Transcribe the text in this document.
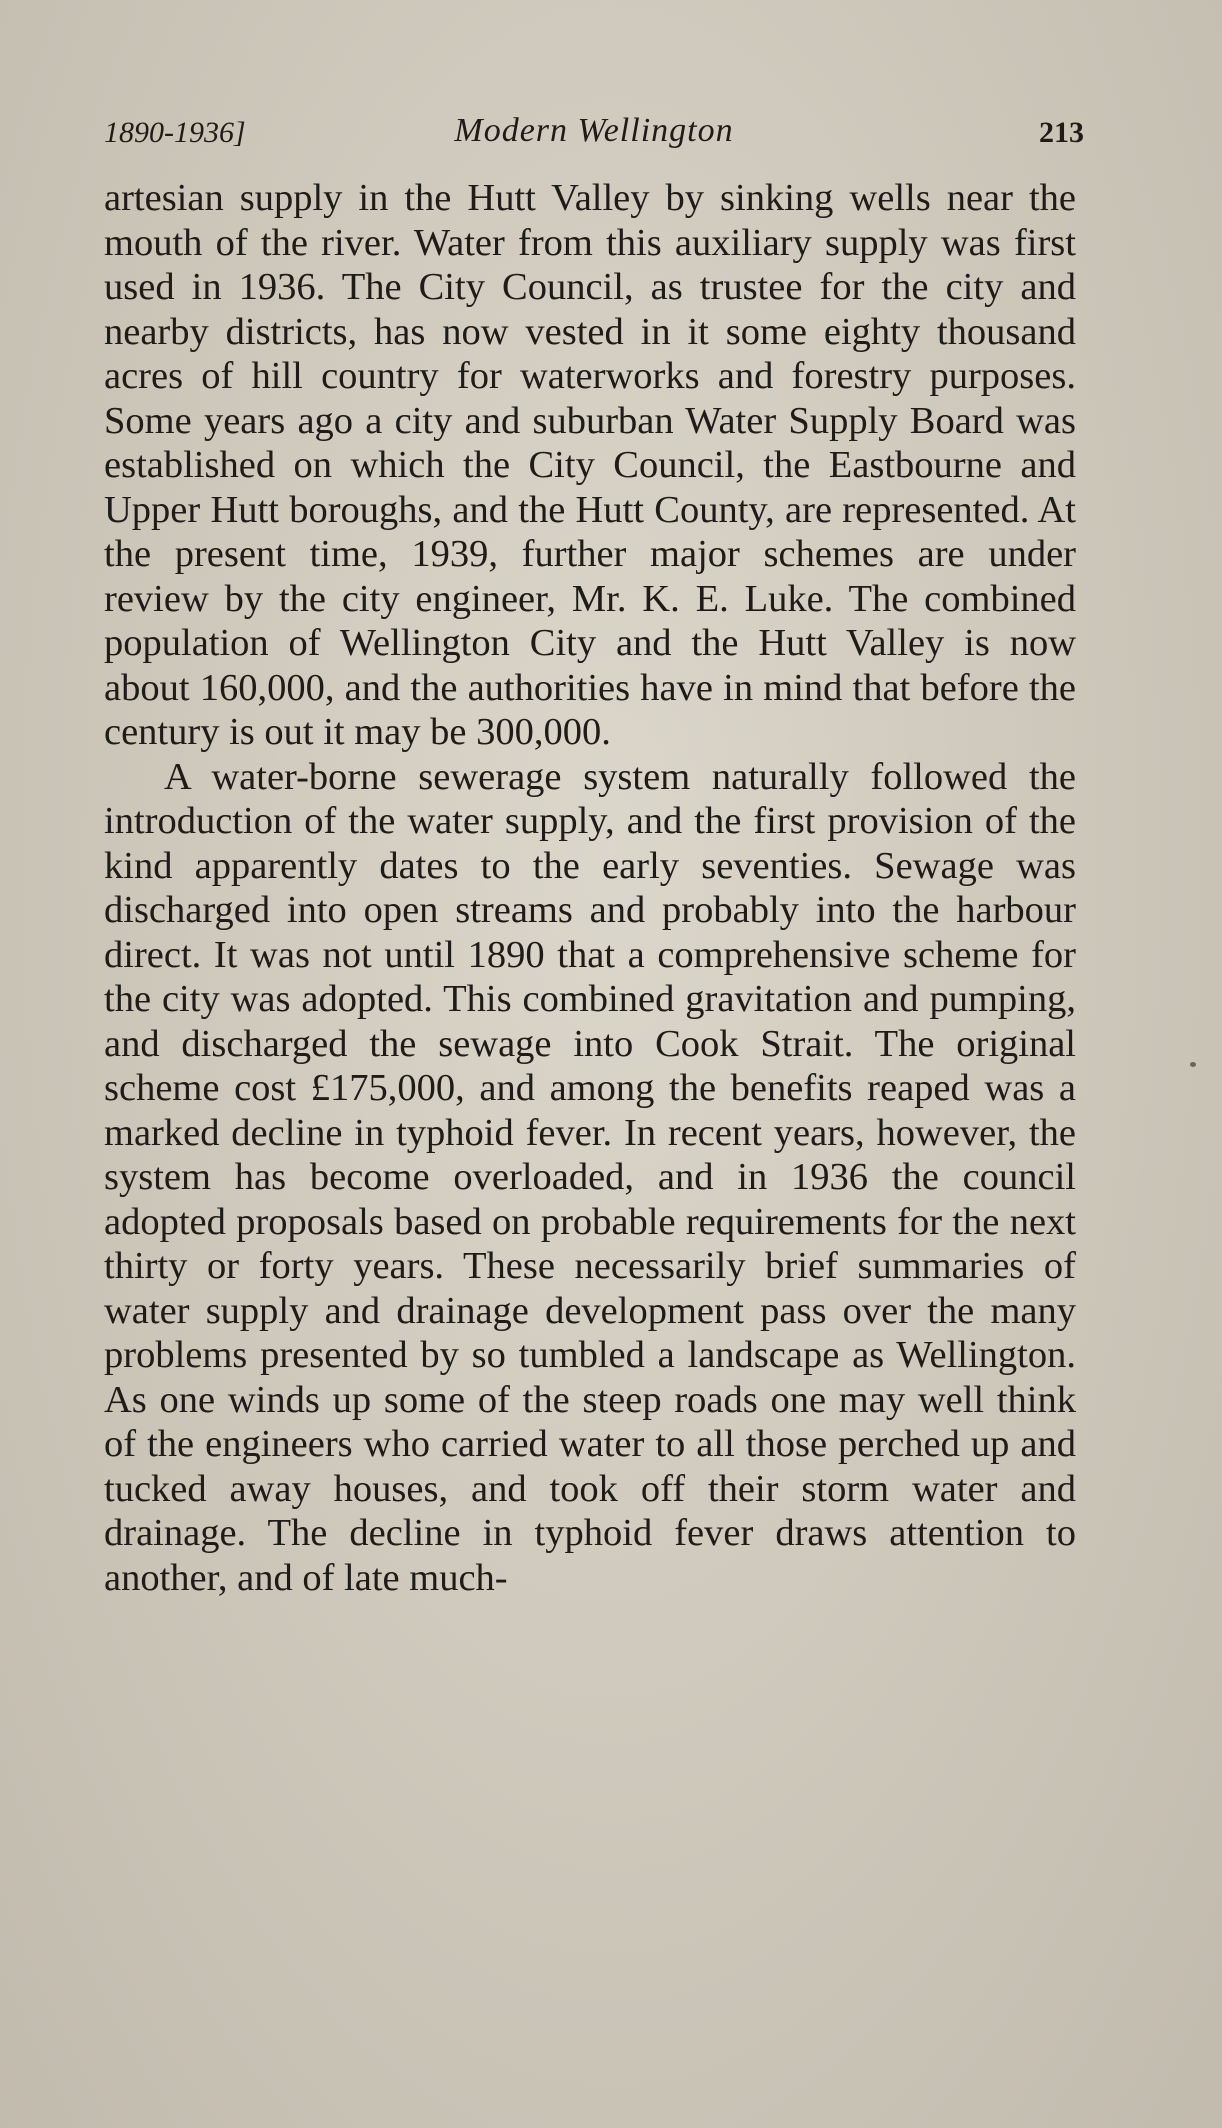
1890-1936]	Modern Wellington	213

artesian supply in the Hutt Valley by sinking wells near the mouth of the river. Water from this auxiliary supply was first used in 1936. The City Council, as trustee for the city and nearby districts, has now vested in it some eighty thousand acres of hill country for waterworks and forestry purposes. Some years ago a city and suburban Water Supply Board was established on which the City Council, the Eastbourne and Upper Hutt boroughs, and the Hutt County, are represented. At the present time, 1939, further major schemes are under review by the city engineer, Mr. K. E. Luke. The combined population of Wellington City and the Hutt Valley is now about 160,000, and the authorities have in mind that before the century is out it may be 300,000.

A water-borne sewerage system naturally followed the introduction of the water supply, and the first provision of the kind apparently dates to the early seventies. Sewage was discharged into open streams and probably into the harbour direct. It was not until 1890 that a comprehensive scheme for the city was adopted. This combined gravitation and pumping, and discharged the sewage into Cook Strait. The original scheme cost £175,000, and among the benefits reaped was a marked decline in typhoid fever. In recent years, however, the system has become overloaded, and in 1936 the council adopted proposals based on probable requirements for the next thirty or forty years. These necessarily brief summaries of water supply and drainage development pass over the many problems presented by so tumbled a landscape as Wellington. As one winds up some of the steep roads one may well think of the engineers who carried water to all those perched up and tucked away houses, and took off their storm water and drainage. The decline in typhoid fever draws attention to another, and of late much-
